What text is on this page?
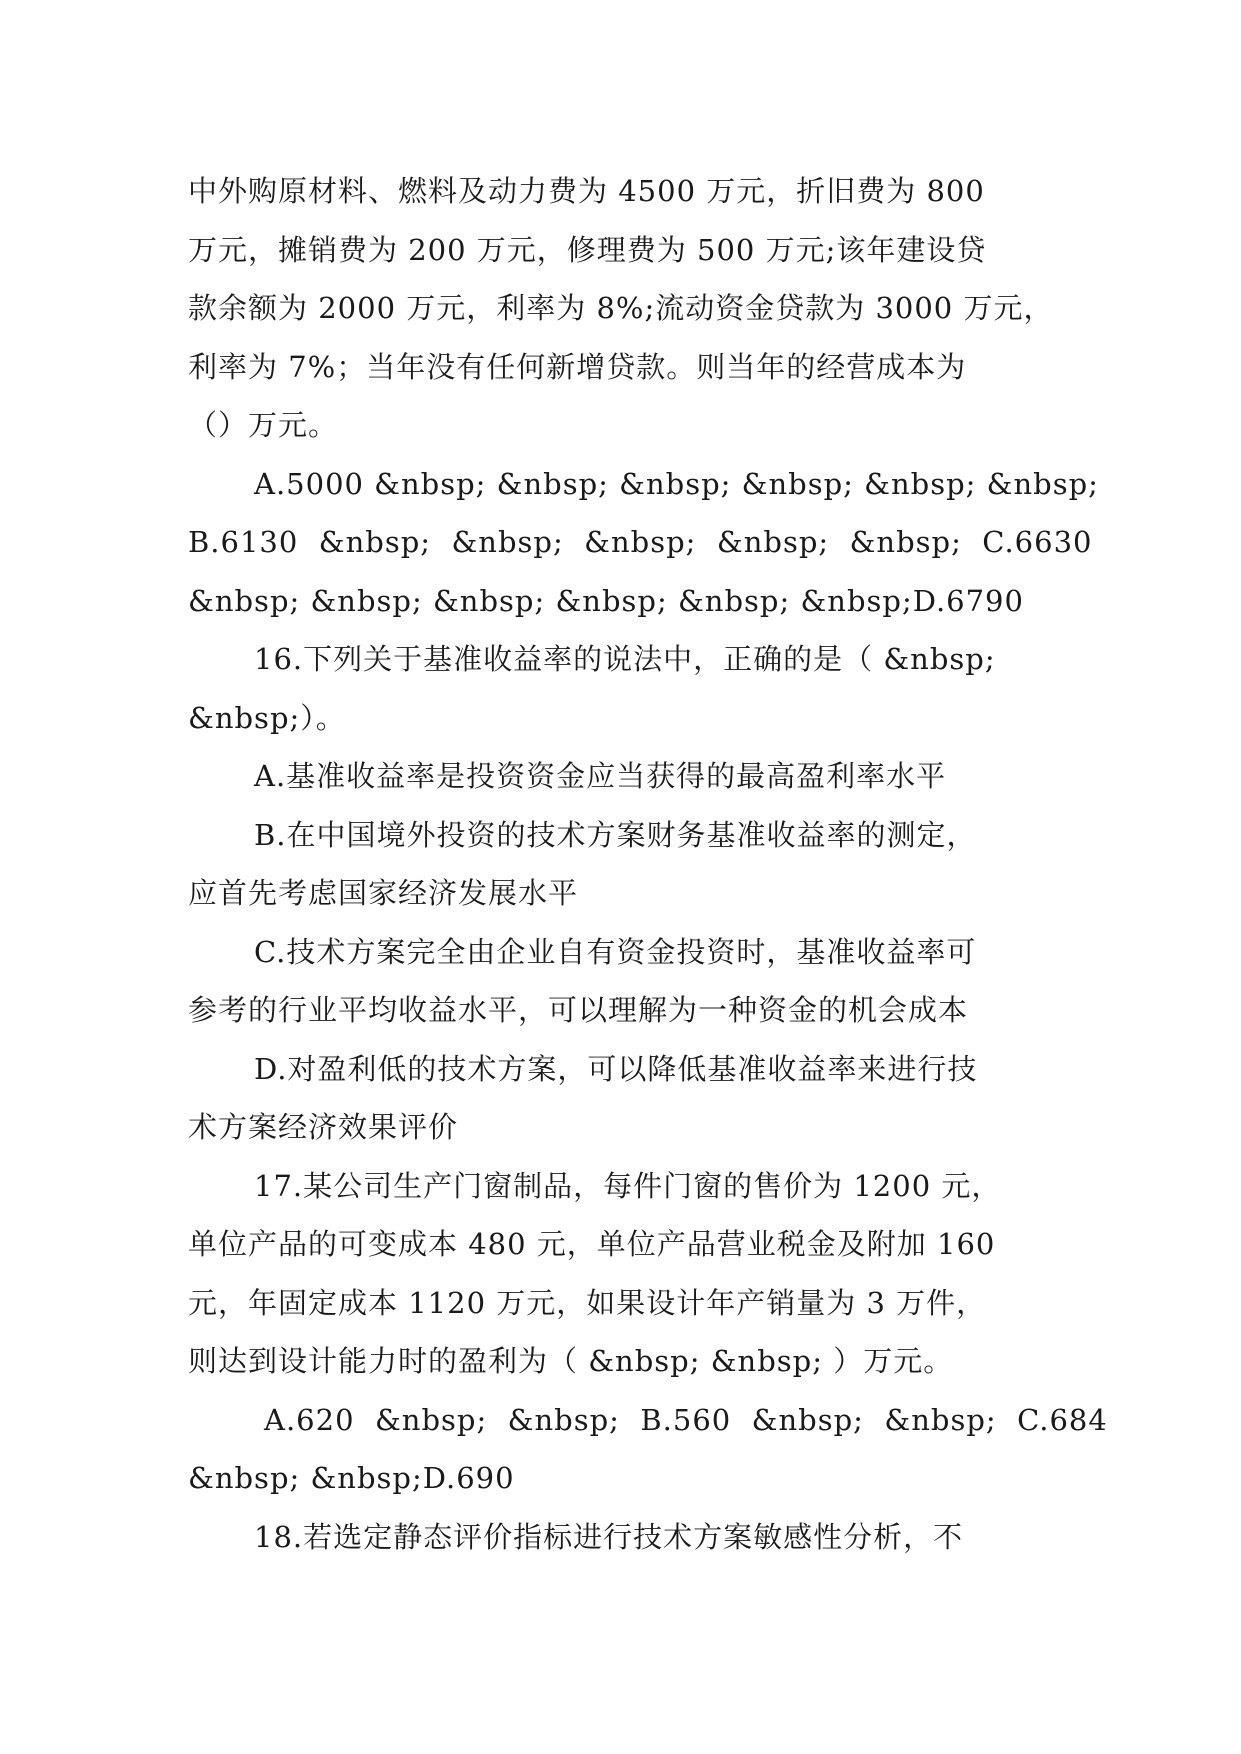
中外购原材料、燃料及动力费为 4500 万元，折旧费为 800
万元，摊销费为 200 万元，修理费为 500 万元;该年建设贷
款余额为 2000 万元，利率为 8%;流动资金贷款为 3000 万元，
利率为 7%；当年没有任何新增贷款。则当年的经营成本为
（）万元。
A.5000 &nbsp; &nbsp; &nbsp; &nbsp; &nbsp; &nbsp;
B.6130  &nbsp;  &nbsp;  &nbsp;  &nbsp;  &nbsp;  C.6630
&nbsp; &nbsp; &nbsp; &nbsp; &nbsp; &nbsp;D.6790
16.下列关于基准收益率的说法中，正确的是（ &nbsp;
&nbsp;）。
A.基准收益率是投资资金应当获得的最高盈利率水平
B.在中国境外投资的技术方案财务基准收益率的测定，
应首先考虑国家经济发展水平
C.技术方案完全由企业自有资金投资时，基准收益率可
参考的行业平均收益水平，可以理解为一种资金的机会成本
D.对盈利低的技术方案，可以降低基准收益率来进行技
术方案经济效果评价
17.某公司生产门窗制品，每件门窗的售价为 1200 元，
单位产品的可变成本 480 元，单位产品营业税金及附加 160
元，年固定成本 1120 万元，如果设计年产销量为 3 万件，
则达到设计能力时的盈利为（ &nbsp; &nbsp; ）万元。
A.620  &nbsp;  &nbsp;  B.560  &nbsp;  &nbsp;  C.684
&nbsp; &nbsp;D.690
18.若选定静态评价指标进行技术方案敏感性分析，不
